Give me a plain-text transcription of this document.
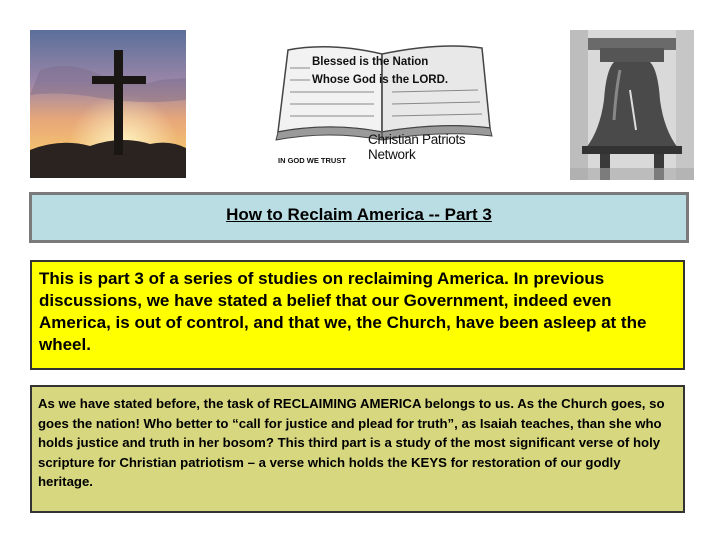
Blessed is the Nation
Whose God is the LORD.
Christian Patriots Network
IN GOD WE TRUST
How to Reclaim America -- Part 3
This is part 3 of a series of studies on reclaiming America. In previous discussions, we have stated a belief that our Government, indeed even America, is out of control, and that we, the Church, have been asleep at the wheel.
As we have stated before, the task of RECLAIMING AMERICA belongs to us. As the Church goes, so goes the nation! Who better to “call for justice and plead for truth”, as Isaiah teaches, than she who holds justice and truth in her bosom? This third part is a study of the most significant verse of holy scripture for Christian patriotism – a verse which holds the KEYS for restoration of our godly heritage.
